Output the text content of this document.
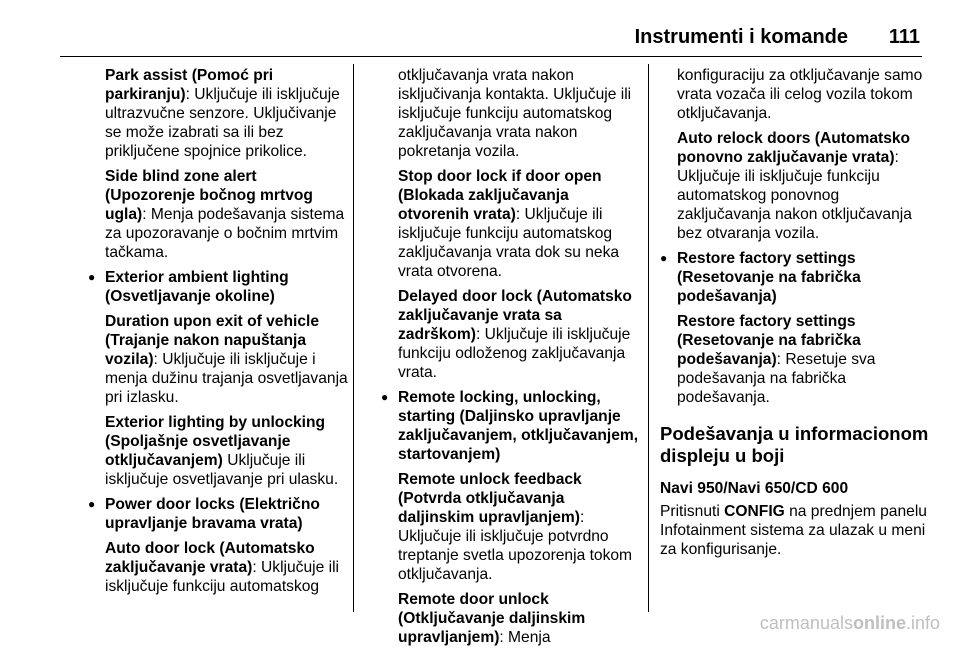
Instrumenti i komande 111

Park assist (Pomoć pri parkiranju): Uključuje ili isključuje ultrazvučne senzore. Uključivanje se može izabrati sa ili bez priključene spojnice prikolice.

Side blind zone alert (Upozorenje bočnog mrtvog ugla): Menja podešavanja sistema za upozoravanje o bočnim mrtvim tačkama.

● Exterior ambient lighting (Osvetljavanje okoline)

Duration upon exit of vehicle (Trajanje nakon napuštanja vozila): Uključuje ili isključuje i menja dužinu trajanja osvetljavanja pri izlasku.

Exterior lighting by unlocking (Spoljašnje osvetljavanje otključavanjem) Uključuje ili isključuje osvetljavanje pri ulasku.

● Power door locks (Električno upravljanje bravama vrata)

Auto door lock (Automatsko zaključavanje vrata): Uključuje ili isključuje funkciju automatskog

otključavanja vrata nakon isključivanja kontakta. Uključuje ili isključuje funkciju automatskog zaključavanja vrata nakon pokretanja vozila.

Stop door lock if door open (Blokada zaključavanja otvorenih vrata): Uključuje ili isključuje funkciju automatskog zaključavanja vrata dok su neka vrata otvorena.

Delayed door lock (Automatsko zaključavanje vrata sa zadrškom): Uključuje ili isključuje funkciju odloženog zaključavanja vrata.

● Remote locking, unlocking, starting (Daljinsko upravljanje zaključavanjem, otključavanjem, startovanjem)

Remote unlock feedback (Potvrda otključavanja daljinskim upravljanjem): Uključuje ili isključuje potvrdno treptanje svetla upozorenja tokom otključavanja.

Remote door unlock (Otključavanje daljinskim upravljanjem): Menja

konfiguraciju za otključavanje samo vrata vozača ili celog vozila tokom otključavanja.

Auto relock doors (Automatsko ponovno zaključavanje vrata): Uključuje ili isključuje funkciju automatskog ponovnog zaključavanja nakon otključavanja bez otvaranja vozila.

● Restore factory settings (Resetovanje na fabrička podešavanja)

Restore factory settings (Resetovanje na fabrička podešavanja): Resetuje sva podešavanja na fabrička podešavanja.

Podešavanja u informacionom displeju u boji

Navi 950/Navi 650/CD 600

Pritisnuti CONFIG na prednjem panelu Infotainment sistema za ulazak u meni za konfigurisanje.

carmanualsonline.info
